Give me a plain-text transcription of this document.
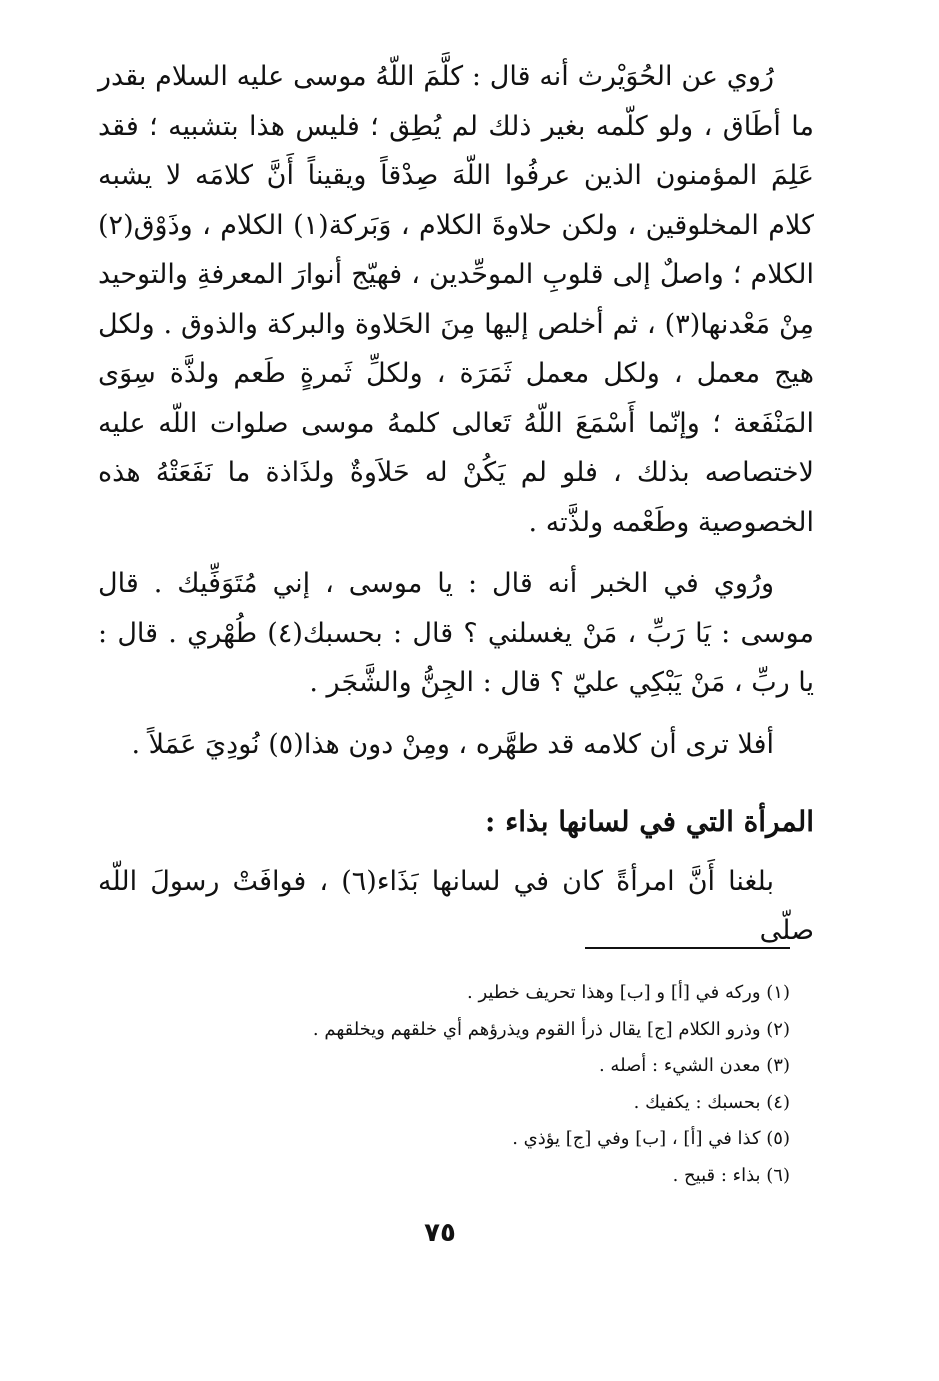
رُوي عن الحُوَيْرث أنه قال : كلَّمَ اللّهُ موسى عليه السلام بقدر ما أطَاق ، ولو كلّمه بغير ذلك لم يُطِق ؛ فليس هذا بتشبيه ؛ فقد عَلِمَ المؤمنون الذين عرفُوا اللّهَ صِدْقاً ويقيناً أَنَّ كلامَه لا يشبه كلام المخلوقين ، ولكن حلاوةَ الكلام ، وَبَركة(١) الكلام ، وذَوْق(٢) الكلام ؛ واصلٌ إلى قلوبِ الموحِّدين ، فهيّج أنوارَ المعرفةِ والتوحيد مِنْ مَعْدنها(٣) ، ثم أخلص إليها مِنَ الحَلاوة والبركة والذوق . ولكل هيج معمل ، ولكل معمل ثَمَرَة ، ولكلِّ ثَمرةٍ طَعم ولذَّة سِوَى المَنْفَعة ؛ وإنّما أَسْمَعَ اللّهُ تَعالى كلمهُ موسى صلوات اللّه عليه لاختصاصه بذلك ، فلو لم يَكُنْ له حَلاَوةٌ ولذَاذة ما نَفَعَتْهُ هذه الخصوصية وطَعْمه ولذَّته .

ورُوي في الخبر أنه قال : يا موسى ، إني مُتَوَفِّيك . قال موسى : يَا رَبِّ ، مَنْ يغسلني ؟ قال : بحسبك(٤) طُهْري . قال : يا ربِّ ، مَنْ يَبْكِي عليّ ؟ قال : الجِنُّ والشَّجَر .

أفلا ترى أن كلامه قد طهَّره ، ومِنْ دون هذا(٥) نُودِيَ عَمَلاً .

المرأة التي في لسانها بذاء :

بلغنا أَنَّ امرأةً كان في لسانها بَذَاء(٦) ، فوافَتْ رسولَ اللّه صلّى

(١) وركه في [أ] و [ب] وهذا تحريف خطير .

(٢) وذرو الكلام [ج] يقال ذرأ القوم ويذرؤهم أي خلقهم ويخلقهم .

(٣) معدن الشيء : أصله .

(٤) بحسبك : يكفيك .

(٥) كذا في [أ] ، [ب] وفي [ج] يؤذي .

(٦) بذاء : قبيح .

٧٥
